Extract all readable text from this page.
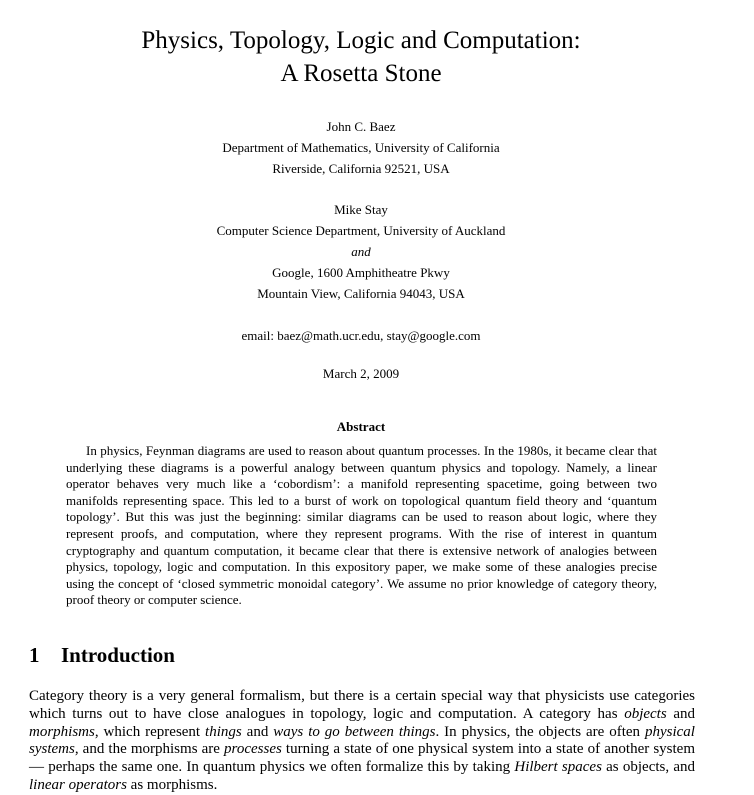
Physics, Topology, Logic and Computation:
A Rosetta Stone
John C. Baez
Department of Mathematics, University of California
Riverside, California 92521, USA
Mike Stay
Computer Science Department, University of Auckland
and
Google, 1600 Amphitheatre Pkwy
Mountain View, California 94043, USA
email: baez@math.ucr.edu, stay@google.com
March 2, 2009
Abstract
In physics, Feynman diagrams are used to reason about quantum processes. In the 1980s, it became clear that underlying these diagrams is a powerful analogy between quantum physics and topology. Namely, a linear operator behaves very much like a ‘cobordism’: a manifold representing spacetime, going between two manifolds representing space. This led to a burst of work on topological quantum field theory and ‘quantum topology’. But this was just the beginning: similar diagrams can be used to reason about logic, where they represent proofs, and computation, where they represent programs. With the rise of interest in quantum cryptography and quantum computation, it became clear that there is extensive network of analogies between physics, topology, logic and computation. In this expository paper, we make some of these analogies precise using the concept of ‘closed symmetric monoidal category’. We assume no prior knowledge of category theory, proof theory or computer science.
1 Introduction
Category theory is a very general formalism, but there is a certain special way that physicists use categories which turns out to have close analogues in topology, logic and computation. A category has objects and morphisms, which represent things and ways to go between things. In physics, the objects are often physical systems, and the morphisms are processes turning a state of one physical system into a state of another system — perhaps the same one. In quantum physics we often formalize this by taking Hilbert spaces as objects, and linear operators as morphisms.
